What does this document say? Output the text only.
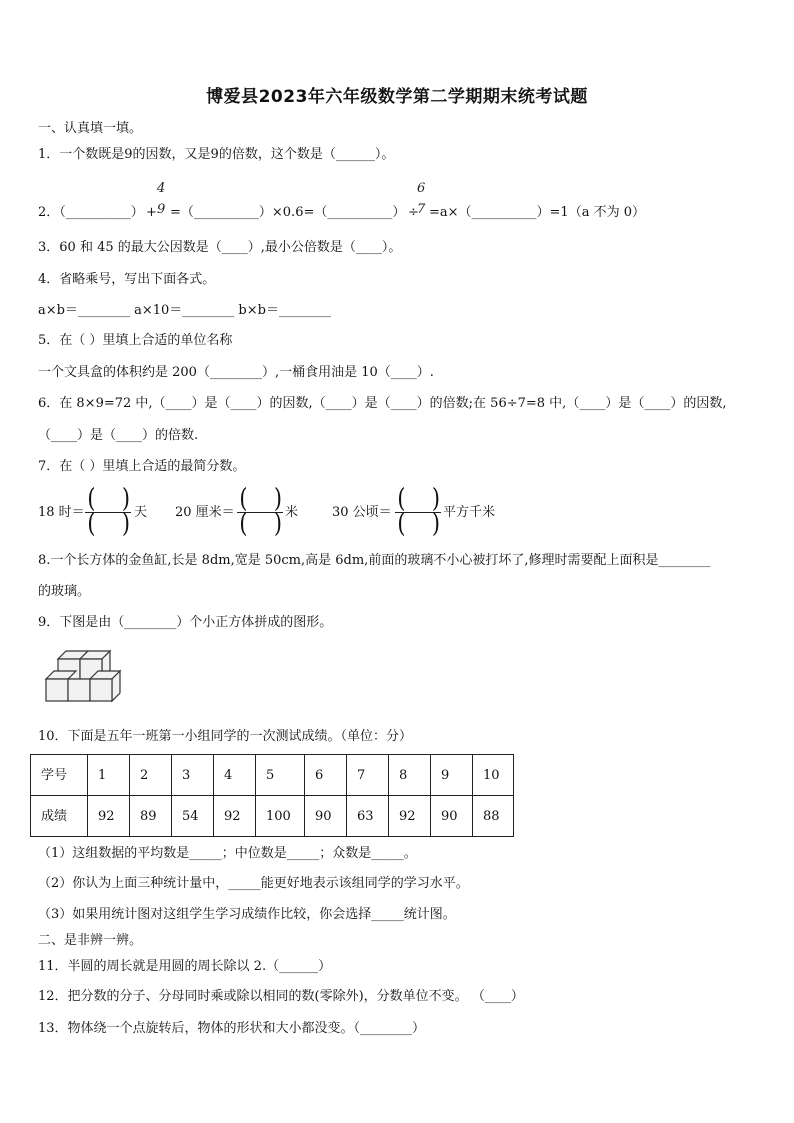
博爱县2023年六年级数学第二学期期末统考试题
一、认真填一填。
1．一个数既是9的因数，又是9的倍数，这个数是（______）。
2．（__________） +
4
9 =（__________）×0.6=（__________） ÷
6
7 =a×（__________）=1（a 不为 0）
3．60 和 45 的最大公因数是（____）,最小公倍数是（____）。
4．省略乘号，写出下面各式。
a×b＝________ a×10＝________ b×b＝________
5．在（ ）里填上合适的单位名称
一个文具盒的体积约是 200（________）,一桶食用油是 10（____）.
6．在 8×9=72 中,（____）是（____）的因数,（____）是（____）的倍数;在 56÷7=8 中,（____）是（____）的因数,
（____）是（____）的倍数.
7．在（ ）里填上合适的最简分数。
18 时＝ (    )
(    ) 天 20 厘米＝ (    )
(    ) 米	30 公顷＝ (    )
(    ) 平方千米
8.一个长方体的金鱼缸,长是 8dm,宽是 50cm,高是 6dm,前面的玻璃不小心被打坏了,修理时需要配上面积是________
的玻璃。
9．下图是由（________）个小正方体拼成的图形。
10．下面是五年一班第一小组同学的一次测试成绩。（单位：分）
学号	1	2	3	4	5	6	7	8	9	10
成绩	92	89	54	92	100	90	63	92	90	88
（1）这组数据的平均数是_____；中位数是_____；众数是_____。
（2）你认为上面三种统计量中，_____能更好地表示该组同学的学习水平。
（3）如果用统计图对这组学生学习成绩作比较，你会选择_____统计图。
二、是非辨一辨。
11．半圆的周长就是用圆的周长除以 2.（______）
12．把分数的分子、分母同时乘或除以相同的数(零除外)，分数单位不变。 （____）
13．物体绕一个点旋转后，物体的形状和大小都没变。（________）
